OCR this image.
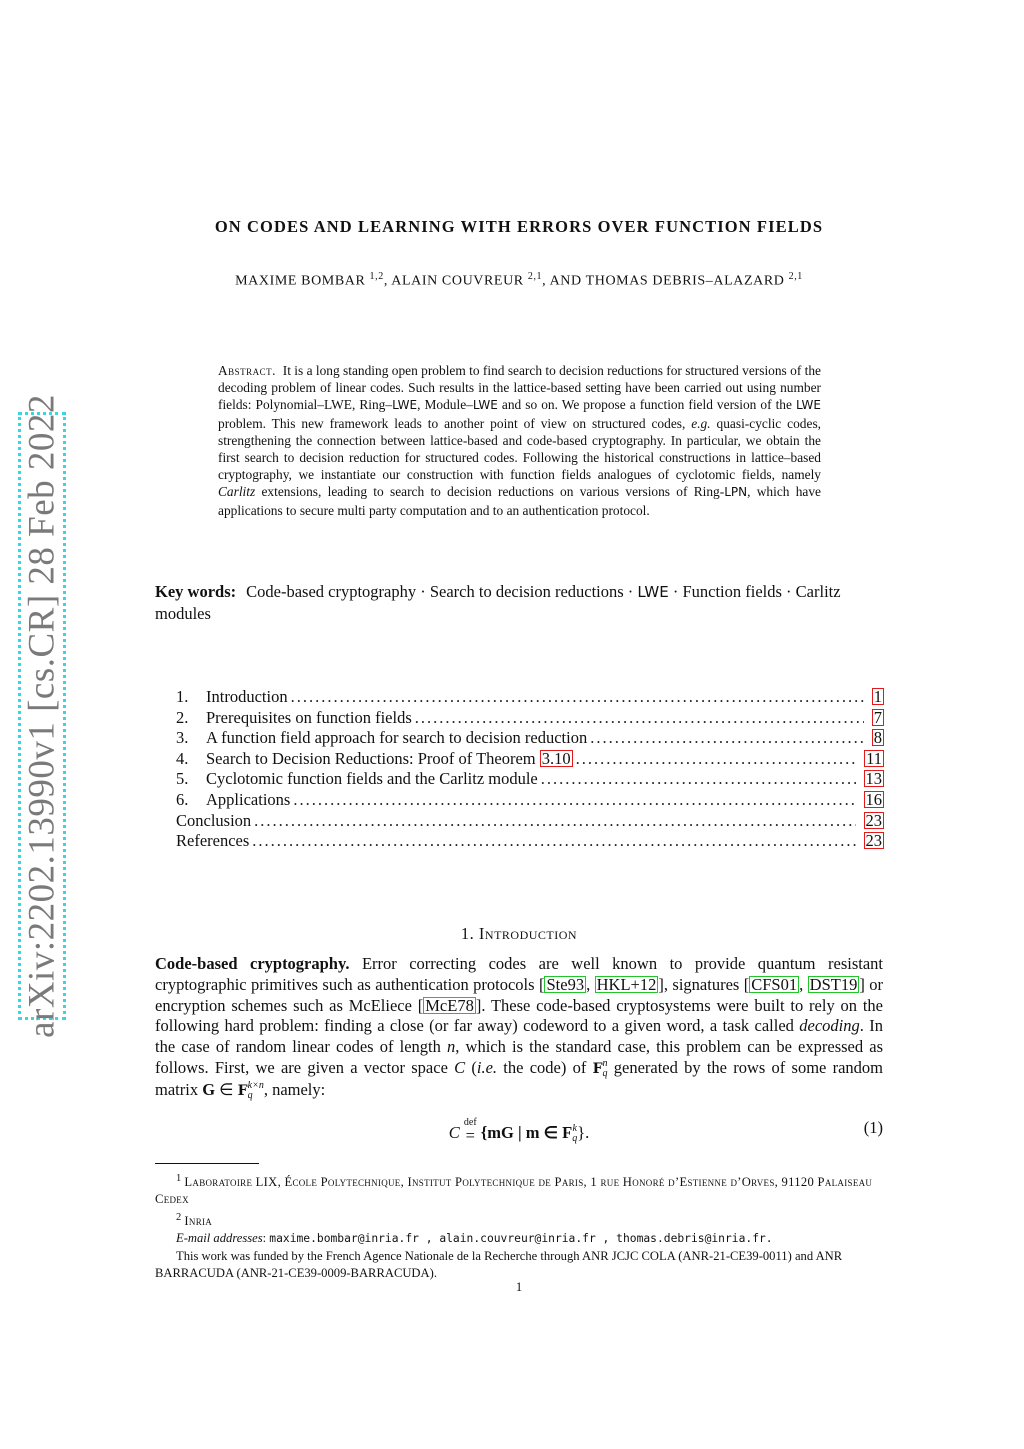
arXiv:2202.13990v1 [cs.CR] 28 Feb 2022
ON CODES AND LEARNING WITH ERRORS OVER FUNCTION FIELDS
MAXIME BOMBAR $^{1,2}$, ALAIN COUVREUR $^{2,1}$, AND THOMAS DEBRIS–ALAZARD $^{2,1}$
Abstract. It is a long standing open problem to find search to decision reductions for structured versions of the decoding problem of linear codes. Such results in the lattice-based setting have been carried out using number fields: Polynomial–LWE, Ring–LWE, Module–LWE and so on. We propose a function field version of the LWE problem. This new framework leads to another point of view on structured codes, e.g. quasi-cyclic codes, strengthening the connection between lattice-based and code-based cryptography. In particular, we obtain the first search to decision reduction for structured codes. Following the historical constructions in lattice–based cryptography, we instantiate our construction with function fields analogues of cyclotomic fields, namely Carlitz extensions, leading to search to decision reductions on various versions of Ring-LPN, which have applications to secure multi party computation and to an authentication protocol.
Key words: Code-based cryptography · Search to decision reductions · LWE · Function fields · Carlitz modules
1.	Introduction .....	1
2.	Prerequisites on function fields .....	7
3.	A function field approach for search to decision reduction .....	8
4.	Search to Decision Reductions: Proof of Theorem 3.10 .....	11
5.	Cyclotomic function fields and the Carlitz module .....	13
6.	Applications .....	16
Conclusion .....	23
References .....	23
1. Introduction
Code-based cryptography. Error correcting codes are well known to provide quantum resistant cryptographic primitives such as authentication protocols [ Ste93 , HKL+12 ], signatures [ CFS01 , DST19 ] or encryption schemes such as McEliece [ McE78 ]. These code-based cryptosystems were built to rely on the following hard problem: finding a close (or far away) codeword to a given word, a task called decoding. In the case of random linear codes of length n, which is the standard case, this problem can be expressed as follows. First, we are given a vector space C (i.e. the code) of F n
q generated by the rows of some random matrix G ∈ F k×n
q , namely:
C
def
= {mG | m ∈ F k
q }.	(1)
$^1$ Laboratoire LIX, École Polytechnique, Institut Polytechnique de Paris, 1 rue Honoré d’Estienne d’Orves, 91120 Palaiseau Cedex
$^2$ Inria
E-mail addresses: maxime.bombar@inria.fr , alain.couvreur@inria.fr , thomas.debris@inria.fr.
This work was funded by the French Agence Nationale de la Recherche through ANR JCJC COLA (ANR-21-CE39-0011) and ANR BARRACUDA (ANR-21-CE39-0009-BARRACUDA).
1
